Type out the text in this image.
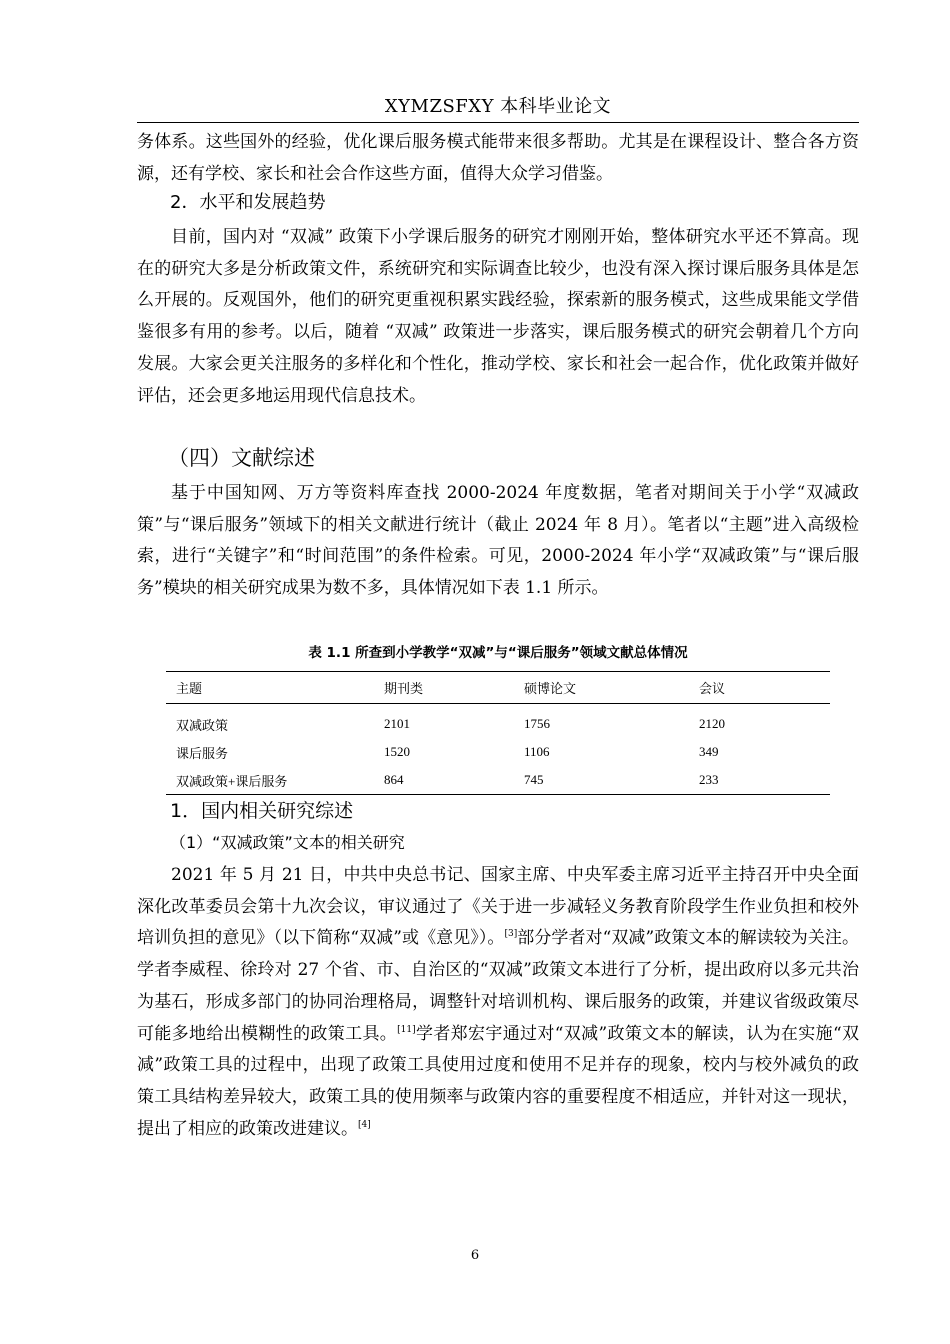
XYMZSFXY 本科毕业论文

务体系。这些国外的经验，优化课后服务模式能带来很多帮助。尤其是在课程设计、整合各方资源，还有学校、家长和社会合作这些方面，值得大众学习借鉴。

2．水平和发展趋势

目前，国内对 “双减” 政策下小学课后服务的研究才刚刚开始，整体研究水平还不算高。现在的研究大多是分析政策文件，系统研究和实际调查比较少，也没有深入探讨课后服务具体是怎么开展的。反观国外，他们的研究更重视积累实践经验，探索新的服务模式，这些成果能文学借鉴很多有用的参考。以后，随着 “双减” 政策进一步落实，课后服务模式的研究会朝着几个方向发展。大家会更关注服务的多样化和个性化，推动学校、家长和社会一起合作，优化政策并做好评估，还会更多地运用现代信息技术。

（四）文献综述

基于中国知网、万方等资料库查找 2000-2024 年度数据，笔者对期间关于小学“双减政策”与“课后服务”领域下的相关文献进行统计（截止 2024 年 8 月）。笔者以“主题”进入高级检索，进行“关键字”和“时间范围”的条件检索。可见，2000-2024 年小学“双减政策”与“课后服务”模块的相关研究成果为数不多，具体情况如下表 1.1 所示。

表 1.1 所查到小学教学“双减”与“课后服务”领域文献总体情况
主题	期刊类	硕博论文	会议
双减政策	2101	1756	2120
课后服务	1520	1106	349
双减政策+课后服务	864	745	233

1．国内相关研究综述

（1）“双减政策”文本的相关研究

2021 年 5 月 21 日，中共中央总书记、国家主席、中央军委主席习近平主持召开中央全面深化改革委员会第十九次会议，审议通过了《关于进一步减轻义务教育阶段学生作业负担和校外培训负担的意见》（以下简称“双减”或《意见》）。[3]部分学者对“双减”政策文本的解读较为关注。学者李威程、徐玲对 27 个省、市、自治区的“双减”政策文本进行了分析，提出政府以多元共治为基石，形成多部门的协同治理格局，调整针对培训机构、课后服务的政策，并建议省级政策尽可能多地给出模糊性的政策工具。[11]学者郑宏宇通过对“双减”政策文本的解读，认为在实施“双减”政策工具的过程中，出现了政策工具使用过度和使用不足并存的现象，校内与校外减负的政策工具结构差异较大，政策工具的使用频率与政策内容的重要程度不相适应，并针对这一现状，提出了相应的政策改进建议。[4]

6
